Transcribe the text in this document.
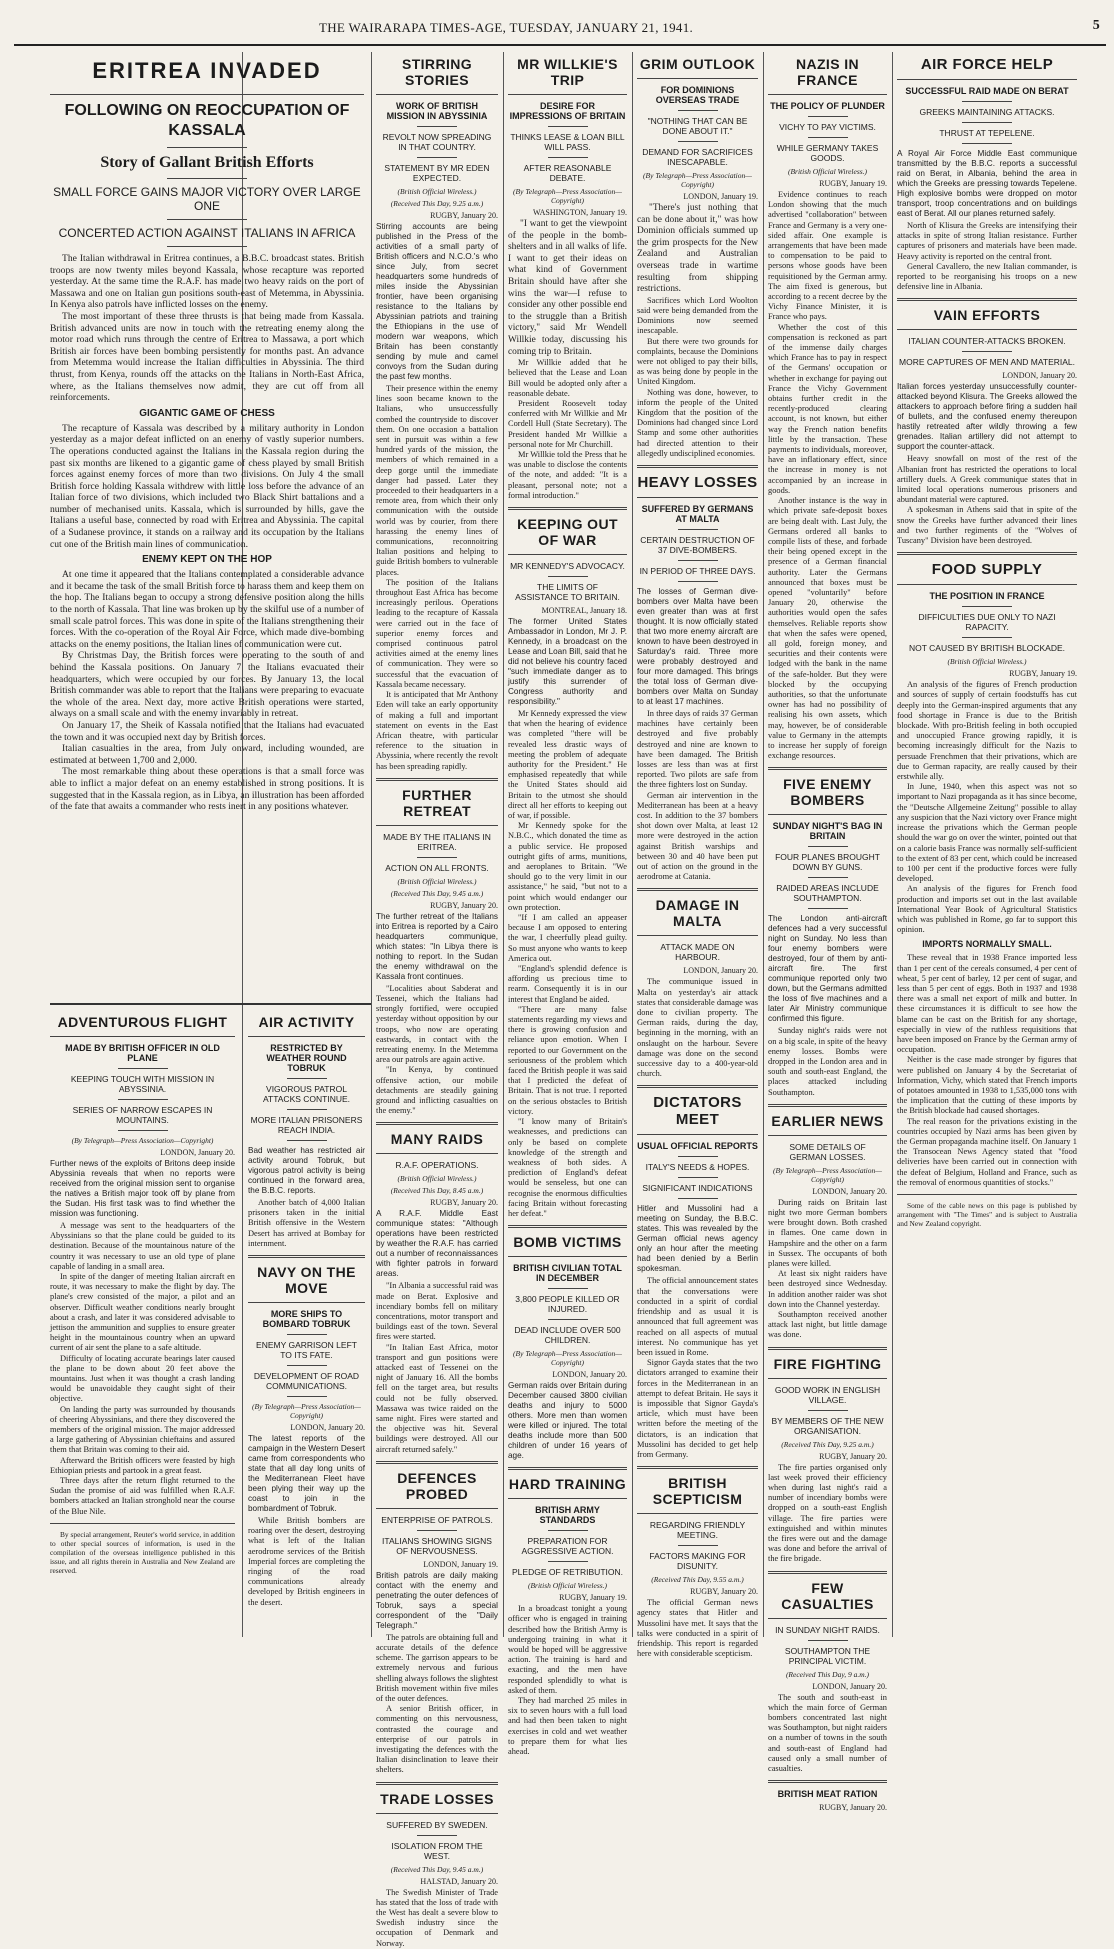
THE WAIRARAPA TIMES-AGE, TUESDAY, JANUARY 21, 1941.	5
ERITREA INVADED
FOLLOWING ON REOCCUPATION OF KASSALA
Story of Gallant British Efforts
SMALL FORCE GAINS MAJOR VICTORY OVER LARGE ONE
CONCERTED ACTION AGAINST ITALIANS IN AFRICA

The Italian withdrawal in Eritrea continues, a B.B.C. broadcast states. British troops are now twenty miles beyond Kassala, whose recapture was reported yesterday. At the same time the R.A.F. has made two heavy raids on the port of Massawa and one on Italian gun positions south-east of Metemma, in Abyssinia. In Kenya also patrols have inflicted losses on the enemy.

The most important of these three thrusts is that being made from Kassala. British advanced units are now in touch with the retreating enemy along the motor road which runs through the centre of Eritrea to Massawa, a port which British air forces have been bombing persistently for months past. An advance from Metemma would increase the Italian difficulties in Abyssinia. The third thrust, from Kenya, rounds off the attacks on the Italians in North-East Africa, where, as the Italians themselves now admit, they are cut off from all reinforcements.

GIGANTIC GAME OF CHESS

The recapture of Kassala was described by a military authority in London yesterday as a major defeat inflicted on an enemy of vastly superior numbers. The operations conducted against the Italians in the Kassala region during the past six months are likened to a gigantic game of chess played by small British forces against enemy forces of more than two divisions. On July 4 the small British force holding Kassala withdrew with little loss before the advance of an Italian force of two divisions, which included two Black Shirt battalions and a number of mechanised units. Kassala, which is surrounded by hills, gave the Italians a useful base, connected by road with Eritrea and Abyssinia. The capital of a Sudanese province, it stands on a railway and its occupation by the Italians cut one of the British main lines of communication.

ENEMY KEPT ON THE HOP

At one time it appeared that the Italians contemplated a considerable advance and it became the task of the small British force to harass them and keep them on the hop. The Italians began to occupy a strong defensive position along the hills to the north of Kassala. That line was broken up by the skilful use of a number of small scale patrol forces. This was done in spite of the Italians strengthening their forces. With the co-operation of the Royal Air Force, which made dive-bombing attacks on the enemy positions, the Italian lines of communication were cut.

By Christmas Day, the British forces were operating to the south of and behind the Kassala positions. On January 7 the Italians evacuated their headquarters, which were occupied by our forces. By January 13, the local British commander was able to report that the Italians were preparing to evacuate the whole of the area. Next day, more active British operations were started, always on a small scale and with the enemy invariably in retreat.

On January 17, the Sheik of Kassala notified that the Italians had evacuated the town and it was occupied next day by British forces.

Italian casualties in the area, from July onward, including wounded, are estimated at between 1,700 and 2,000.

The most remarkable thing about these operations is that a small force was able to inflict a major defeat on an enemy established in strong positions. It is suggested that in the Kassala region, as in Libya, an illustration has been afforded of the fate that awaits a commander who rests inert in any positions whatever.

ADVENTUROUS FLIGHT
MADE BY BRITISH OFFICER IN OLD PLANE
KEEPING TOUCH WITH MISSION IN ABYSSINIA.
SERIES OF NARROW ESCAPES IN MOUNTAINS.
(By Telegraph—Press Association—Copyright)
LONDON, January 20.

Further news of the exploits of Britons deep inside Abyssinia reveals that when no reports were received from the original mission sent to organise the natives a British major took off by plane from the Sudan. His first task was to find whether the mission was functioning.

A message was sent to the headquarters of the Abyssinians so that the plane could be guided to its destination. Because of the mountainous nature of the country it was necessary to use an old type of plane capable of landing in a small area.

In spite of the danger of meeting Italian aircraft en route, it was necessary to make the flight by day. The plane's crew consisted of the major, a pilot and an observer. Difficult weather conditions nearly brought about a crash, and later it was considered advisable to jettison the ammunition and supplies to ensure greater height in the mountainous country when an upward current of air sent the plane to a safe altitude.

Difficulty of locating accurate bearings later caused the plane to be down about 20 feet above the mountains. Just when it was thought a crash landing would be unavoidable they caught sight of their objective.

On landing the party was surrounded by thousands of cheering Abyssinians, and there they discovered the members of the original mission. The major addressed a large gathering of Abyssinian chieftains and assured them that Britain was coming to their aid.

Afterward the British officers were feasted by high Ethiopian priests and partook in a great feast.

Three days after the return flight returned to the Sudan the promise of aid was fulfilled when R.A.F. bombers attacked an Italian stronghold near the course of the Blue Nile.

By special arrangement, Reuter's world service, in addition to other special sources of information, is used in the compilation of the overseas intelligence published in this issue, and all rights therein in Australia and New Zealand are reserved.

AIR ACTIVITY
RESTRICTED BY WEATHER ROUND TOBRUK
VIGOROUS PATROL ATTACKS CONTINUE.
MORE ITALIAN PRISONERS REACH INDIA.

Bad weather has restricted air activity around Tobruk, but vigorous patrol activity is being continued in the forward area, the B.B.C. reports.

Another batch of 4,000 Italian prisoners taken in the initial British offensive in the Western Desert has arrived at Bombay for internment.

NAVY ON THE MOVE
MORE SHIPS TO BOMBARD TOBRUK
ENEMY GARRISON LEFT TO ITS FATE.
DEVELOPMENT OF ROAD COMMUNICATIONS.
(By Telegraph—Press Association—Copyright)
LONDON, January 20.

The latest reports of the campaign in the Western Desert came from correspondents who state that all day long units of the Mediterranean Fleet have been plying their way up the coast to join in the bombardment of Tobruk.

While British bombers are roaring over the desert, destroying what is left of the Italian aerodrome services of the British Imperial forces are completing the ringing of the road communications already developed by British engineers in the desert.

STIRRING STORIES
WORK OF BRITISH MISSION IN ABYSSINIA
REVOLT NOW SPREADING IN THAT COUNTRY.
STATEMENT BY MR EDEN EXPECTED.
(British Official Wireless.)
(Received This Day, 9.25 a.m.)
RUGBY, January 20.

Stirring accounts are being published in the Press of the activities of a small party of British officers and N.C.O.'s who since July, from secret headquarters some hundreds of miles inside the Abyssinian frontier, have been organising resistance to the Italians by Abyssinian patriots and training the Ethiopians in the use of modern war weapons, which Britain has been constantly sending by mule and camel convoys from the Sudan during the past few months.

Their presence within the enemy lines soon became known to the Italians, who unsuccessfully combed the countryside to discover them. On one occasion a battalion sent in pursuit was within a few hundred yards of the mission, the members of which remained in a deep gorge until the immediate danger had passed. Later they proceeded to their headquarters in a remote area, from which their only communication with the outside world was by courier, from there harassing the enemy lines of communications, reconnoitring Italian positions and helping to guide British bombers to vulnerable places.

The position of the Italians throughout East Africa has become increasingly perilous. Operations leading to the recapture of Kassala were carried out in the face of superior enemy forces and comprised continuous patrol activities aimed at the enemy lines of communication. They were so successful that the evacuation of Kassala became necessary.

It is anticipated that Mr Anthony Eden will take an early opportunity of making a full and important statement on events in the East African theatre, with particular reference to the situation in Abyssinia, where recently the revolt has been spreading rapidly.

FURTHER RETREAT
MADE BY THE ITALIANS IN ERITREA.
ACTION ON ALL FRONTS.
(British Official Wireless.)
(Received This Day, 9.45 a.m.)
RUGBY, January 20.

The further retreat of the Italians into Eritrea is reported by a Cairo headquarters communique, which states: "In Libya there is nothing to report. In the Sudan the enemy withdrawal on the Kassala front continues.

"Localities about Sabderat and Tessenei, which the Italians had strongly fortified, were occupied yesterday without opposition by our troops, who now are operating eastwards, in contact with the retreating enemy. In the Metemma area our patrols are again active.

"In Kenya, by continued offensive action, our mobile detachments are steadily gaining ground and inflicting casualties on the enemy."

MANY RAIDS
R.A.F. OPERATIONS.
(British Official Wireless.)
(Received This Day, 8.45 a.m.)
RUGBY, January 20.

A R.A.F. Middle East communique states: "Although operations have been restricted by weather the R.A.F. has carried out a number of reconnaissances with fighter patrols in forward areas.

"In Albania a successful raid was made on Berat. Explosive and incendiary bombs fell on military concentrations, motor transport and buildings east of the town. Several fires were started.

"In Italian East Africa, motor transport and gun positions were attacked east of Tessenei on the night of January 16. All the bombs fell on the target area, but results could not be fully observed. Massawa was twice raided on the same night. Fires were started and the objective was hit. Several buildings were destroyed. All our aircraft returned safely."

DEFENCES PROBED
ENTERPRISE OF PATROLS.
ITALIANS SHOWING SIGNS OF NERVOUSNESS.
LONDON, January 19.

British patrols are daily making contact with the enemy and penetrating the outer defences of Tobruk, says a special correspondent of the "Daily Telegraph."

The patrols are obtaining full and accurate details of the defence scheme. The garrison appears to be extremely nervous and furious shelling always follows the slightest British movement within five miles of the outer defences.

A senior British officer, in commenting on this nervousness, contrasted the courage and enterprise of our patrols in investigating the defences with the Italian disinclination to leave their shelters.

TRADE LOSSES
SUFFERED BY SWEDEN.
ISOLATION FROM THE WEST.
(Received This Day, 9.45 a.m.)
HALSTAD, January 20.

The Swedish Minister of Trade has stated that the loss of trade with the West has dealt a severe blow to Swedish industry since the occupation of Denmark and Norway.

MR WILLKIE'S TRIP
DESIRE FOR IMPRESSIONS OF BRITAIN
THINKS LEASE & LOAN BILL WILL PASS.
AFTER REASONABLE DEBATE.
(By Telegraph—Press Association—Copyright)
WASHINGTON, January 19.

"I want to get the viewpoint of the people in the bomb-shelters and in all walks of life. I want to get their ideas on what kind of Government Britain should have after she wins the war—I refuse to consider any other possible end to the struggle than a British victory," said Mr Wendell Willkie today, discussing his coming trip to Britain.

Mr Willkie added that he believed that the Lease and Loan Bill would be adopted only after a reasonable debate.

President Roosevelt today conferred with Mr Willkie and Mr Cordell Hull (State Secretary). The President handed Mr Willkie a personal note for Mr Churchill.

Mr Willkie told the Press that he was unable to disclose the contents of the note, and added: "It is a pleasant, personal note; not a formal introduction."

KEEPING OUT OF WAR
MR KENNEDY'S ADVOCACY.
THE LIMITS OF ASSISTANCE TO BRITAIN.
MONTREAL, January 18.

The former United States Ambassador in London, Mr J. P. Kennedy, in a broadcast on the Lease and Loan Bill, said that he did not believe his country faced "such immediate danger as to justify this surrender of Congress authority and responsibility."

Mr Kennedy expressed the view that when the hearing of evidence was completed "there will be revealed less drastic ways of meeting the problem of adequate authority for the President." He emphasised repeatedly that while the United States should aid Britain to the utmost she should direct all her efforts to keeping out of war, if possible.

Mr Kennedy spoke for the N.B.C., which donated the time as a public service. He proposed outright gifts of arms, munitions, and aeroplanes to Britain. "We should go to the very limit in our assistance," he said, "but not to a point which would endanger our own protection.

"If I am called an appeaser because I am opposed to entering the war, I cheerfully plead guilty. So must anyone who wants to keep America out.

"England's splendid defence is affording us precious time to rearm. Consequently it is in our interest that England be aided.

"There are many false statements regarding my views and there is growing confusion and reliance upon emotion. When I reported to our Government on the seriousness of the problem which faced the British people it was said that I predicted the defeat of Britain. That is not true. I reported on the serious obstacles to British victory.

"I know many of Britain's weaknesses, and predictions can only be based on complete knowledge of the strength and weakness of both sides. A prediction of England's defeat would be senseless, but one can recognise the enormous difficulties facing Britain without forecasting her defeat."

BOMB VICTIMS
BRITISH CIVILIAN TOTAL IN DECEMBER
3,800 PEOPLE KILLED OR INJURED.
DEAD INCLUDE OVER 500 CHILDREN.
(By Telegraph—Press Association—Copyright)
LONDON, January 20.

German raids over Britain during December caused 3800 civilian deaths and injury to 5000 others. More men than women were killed or injured. The total deaths include more than 500 children of under 16 years of age.

HARD TRAINING
BRITISH ARMY STANDARDS
PREPARATION FOR AGGRESSIVE ACTION.
PLEDGE OF RETRIBUTION.
(British Official Wireless.)
RUGBY, January 19.

In a broadcast tonight a young officer who is engaged in training described how the British Army is undergoing training in what it would be hoped will be aggressive action. The training is hard and exacting, and the men have responded splendidly to what is asked of them.

They had marched 25 miles in six to seven hours with a full load and had then been taken to night exercises in cold and wet weather to prepare them for what lies ahead.

GRIM OUTLOOK
FOR DOMINIONS OVERSEAS TRADE
"NOTHING THAT CAN BE DONE ABOUT IT."
DEMAND FOR SACRIFICES INESCAPABLE.
(By Telegraph—Press Association—Copyright)
LONDON, January 19.

"There's just nothing that can be done about it," was how Dominion officials summed up the grim prospects for the New Zealand and Australian overseas trade in wartime resulting from shipping restrictions.

Sacrifices which Lord Woolton said were being demanded from the Dominions now seemed inescapable.

But there were two grounds for complaints, because the Dominions were not obliged to pay their bills, as was being done by people in the United Kingdom.

Nothing was done, however, to inform the people of the United Kingdom that the position of the Dominions had changed since Lord Stamp and some other authorities had directed attention to their allegedly undisciplined economies.

HEAVY LOSSES
SUFFERED BY GERMANS AT MALTA
CERTAIN DESTRUCTION OF 37 DIVE-BOMBERS.
IN PERIOD OF THREE DAYS.

The losses of German dive-bombers over Malta have been even greater than was at first thought. It is now officially stated that two more enemy aircraft are known to have been destroyed in Saturday's raid. Three more were probably destroyed and four more damaged. This brings the total loss of German dive-bombers over Malta on Sunday to at least 17 machines.

In three days of raids 37 German machines have certainly been destroyed and five probably destroyed and nine are known to have been damaged. The British losses are less than was at first reported. Two pilots are safe from the three fighters lost on Sunday.

German air intervention in the Mediterranean has been at a heavy cost. In addition to the 37 bombers shot down over Malta, at least 12 more were destroyed in the action against British warships and between 30 and 40 have been put out of action on the ground in the aerodrome at Catania.

DAMAGE IN MALTA
ATTACK MADE ON HARBOUR.
LONDON, January 20.

The communique issued in Malta on yesterday's air attack states that considerable damage was done to civilian property. The German raids, during the day, beginning in the morning, with an onslaught on the harbour. Severe damage was done on the second successive day to a 400-year-old church.

DICTATORS MEET
USUAL OFFICIAL REPORTS
ITALY'S NEEDS & HOPES.
SIGNIFICANT INDICATIONS

Hitler and Mussolini had a meeting on Sunday, the B.B.C. states. This was revealed by the German official news agency only an hour after the meeting had been denied by a Berlin spokesman.

The official announcement states that the conversations were conducted in a spirit of cordial friendship and as usual it is announced that full agreement was reached on all aspects of mutual interest. No communique has yet been issued in Rome.

Signor Gayda states that the two dictators arranged to examine their forces in the Mediterranean in an attempt to defeat Britain. He says it is impossible that Signor Gayda's article, which must have been written before the meeting of the dictators, is an indication that Mussolini has decided to get help from Germany.

BRITISH SCEPTICISM
REGARDING FRIENDLY MEETING.
FACTORS MAKING FOR DISUNITY.
(Received This Day, 9.55 a.m.)
RUGBY, January 20.

The official German news agency states that Hitler and Mussolini have met. It says that the talks were conducted in a spirit of friendship. This report is regarded here with considerable scepticism.

NAZIS IN FRANCE
THE POLICY OF PLUNDER
VICHY TO PAY VICTIMS.
WHILE GERMANY TAKES GOODS.
(British Official Wireless.)
RUGBY, January 19.

Evidence continues to reach London showing that the much advertised "collaboration" between France and Germany is a very one-sided affair. One example is arrangements that have been made to compensation to be paid to persons whose goods have been requisitioned by the German army. The aim fixed is generous, but according to a recent decree by the Vichy Finance Minister, it is France who pays.

Whether the cost of this compensation is reckoned as part of the immense daily charges which France has to pay in respect of the Germans' occupation or whether in exchange for paying out France the Vichy Government obtains further credit in the recently-produced clearing account, is not known, but either way the French nation benefits little by the transaction. These payments to individuals, moreover, have an inflationary effect, since the increase in money is not accompanied by an increase in goods.

Another instance is the way in which private safe-deposit boxes are being dealt with. Last July, the Germans ordered all banks to compile lists of these, and forbade their being opened except in the presence of a German financial authority. Later the Germans announced that boxes must be opened "voluntarily" before January 20, otherwise the authorities would open the safes themselves. Reliable reports show that when the safes were opened, all gold, foreign money, and securities and their contents were lodged with the bank in the name of the safe-holder. But they were blocked by the occupying authorities, so that the unfortunate owner has had no possibility of realising his own assets, which may, however, be of considerable value to Germany in the attempts to increase her supply of foreign exchange resources.

FIVE ENEMY BOMBERS
SUNDAY NIGHT'S BAG IN BRITAIN
FOUR PLANES BROUGHT DOWN BY GUNS.
RAIDED AREAS INCLUDE SOUTHAMPTON.

The London anti-aircraft defences had a very successful night on Sunday. No less than four enemy bombers were destroyed, four of them by anti-aircraft fire. The first communique reported only two down, but the Germans admitted the loss of five machines and a later Air Ministry communique confirmed this figure.

Sunday night's raids were not on a big scale, in spite of the heavy enemy losses. Bombs were dropped in the London area and in south and south-east England, the places attacked including Southampton.

EARLIER NEWS
SOME DETAILS OF GERMAN LOSSES.
(By Telegraph—Press Association—Copyright)
LONDON, January 20.

During raids on Britain last night two more German bombers were brought down. Both crashed in flames. One came down in Hampshire and the other on a farm in Sussex. The occupants of both planes were killed.

At least six night raiders have been destroyed since Wednesday. In addition another raider was shot down into the Channel yesterday.

Southampton received another attack last night, but little damage was done.

FIRE FIGHTING
GOOD WORK IN ENGLISH VILLAGE.
BY MEMBERS OF THE NEW ORGANISATION.
(Received This Day, 9.25 a.m.)
RUGBY, January 20.

The fire parties organised only last week proved their efficiency when during last night's raid a number of incendiary bombs were dropped on a south-east English village. The fire parties were extinguished and within minutes the fires were out and the damage was done and before the arrival of the fire brigade.

FEW CASUALTIES
IN SUNDAY NIGHT RAIDS.
SOUTHAMPTON THE PRINCIPAL VICTIM.
(Received This Day, 9 a.m.)
LONDON, January 20.

The south and south-east in which the main force of German bombers concentrated last night was Southampton, but night raiders on a number of towns in the south and south-east of England had caused only a small number of casualties.

BRITISH MEAT RATION
RUGBY, January 20.
AIR FORCE HELP
SUCCESSFUL RAID MADE ON BERAT
GREEKS MAINTAINING ATTACKS.
THRUST AT TEPELENE.

A Royal Air Force Middle East communique transmitted by the B.B.C. reports a successful raid on Berat, in Albania, behind the area in which the Greeks are pressing towards Tepelene. High explosive bombs were dropped on motor transport, troop concentrations and on buildings east of Berat. All our planes returned safely.

North of Klisura the Greeks are intensifying their attacks in spite of strong Italian resistance. Further captures of prisoners and materials have been made. Heavy activity is reported on the central front.

General Cavallero, the new Italian commander, is reported to be reorganising his troops on a new defensive line in Albania.

VAIN EFFORTS
ITALIAN COUNTER-ATTACKS BROKEN.
MORE CAPTURES OF MEN AND MATERIAL.
LONDON, January 20.

Italian forces yesterday unsuccessfully counter-attacked beyond Klisura. The Greeks allowed the attackers to approach before firing a sudden hail of bullets, and the confused enemy thereupon hastily retreated after wildly throwing a few grenades. Italian artillery did not attempt to support the counter-attack.

Heavy snowfall on most of the rest of the Albanian front has restricted the operations to local artillery duels. A Greek communique states that in limited local operations numerous prisoners and abundant material were captured.

A spokesman in Athens said that in spite of the snow the Greeks have further advanced their lines and two further regiments of the "Wolves of Tuscany" Division have been destroyed.

FOOD SUPPLY
THE POSITION IN FRANCE
DIFFICULTIES DUE ONLY TO NAZI RAPACITY.
NOT CAUSED BY BRITISH BLOCKADE.
(British Official Wireless.)
RUGBY, January 19.

An analysis of the figures of French production and sources of supply of certain foodstuffs has cut deeply into the German-inspired arguments that any food shortage in France is due to the British blockade. With pro-British feeling in both occupied and unoccupied France growing rapidly, it is becoming increasingly difficult for the Nazis to persuade Frenchmen that their privations, which are due to German rapacity, are really caused by their erstwhile ally.

In June, 1940, when this aspect was not so important to Nazi propaganda as it has since become, the "Deutsche Allgemeine Zeitung" possible to allay any suspicion that the Nazi victory over France might increase the privations which the German people should the war go on over the winter, pointed out that on a calorie basis France was normally self-sufficient to the extent of 83 per cent, which could be increased to 100 per cent if the productive forces were fully developed.

An analysis of the figures for French food production and imports set out in the last available International Year Book of Agricultural Statistics which was published in Rome, go far to support this opinion.

IMPORTS NORMALLY SMALL.

These reveal that in 1938 France imported less than 1 per cent of the cereals consumed, 4 per cent of wheat, 5 per cent of barley, 12 per cent of sugar, and less than 5 per cent of eggs. Both in 1937 and 1938 there was a small net export of milk and butter. In these circumstances it is difficult to see how the blame can be cast on the British for any shortage, especially in view of the ruthless requisitions that have been imposed on France by the German army of occupation.

Neither is the case made stronger by figures that were published on January 4 by the Secretariat of Information, Vichy, which stated that French imports of potatoes amounted in 1938 to 1,535,000 tons with the implication that the cutting of these imports by the British blockade had caused shortages.

The real reason for the privations existing in the countries occupied by Nazi arms has been given by the German propaganda machine itself. On January 1 the Transocean News Agency stated that "food deliveries have been carried out in connection with the defeat of Belgium, Holland and France, such as the removal of enormous quantities of stocks."

Some of the cable news on this page is published by arrangement with "The Times" and is subject to Australia and New Zealand copyright.
